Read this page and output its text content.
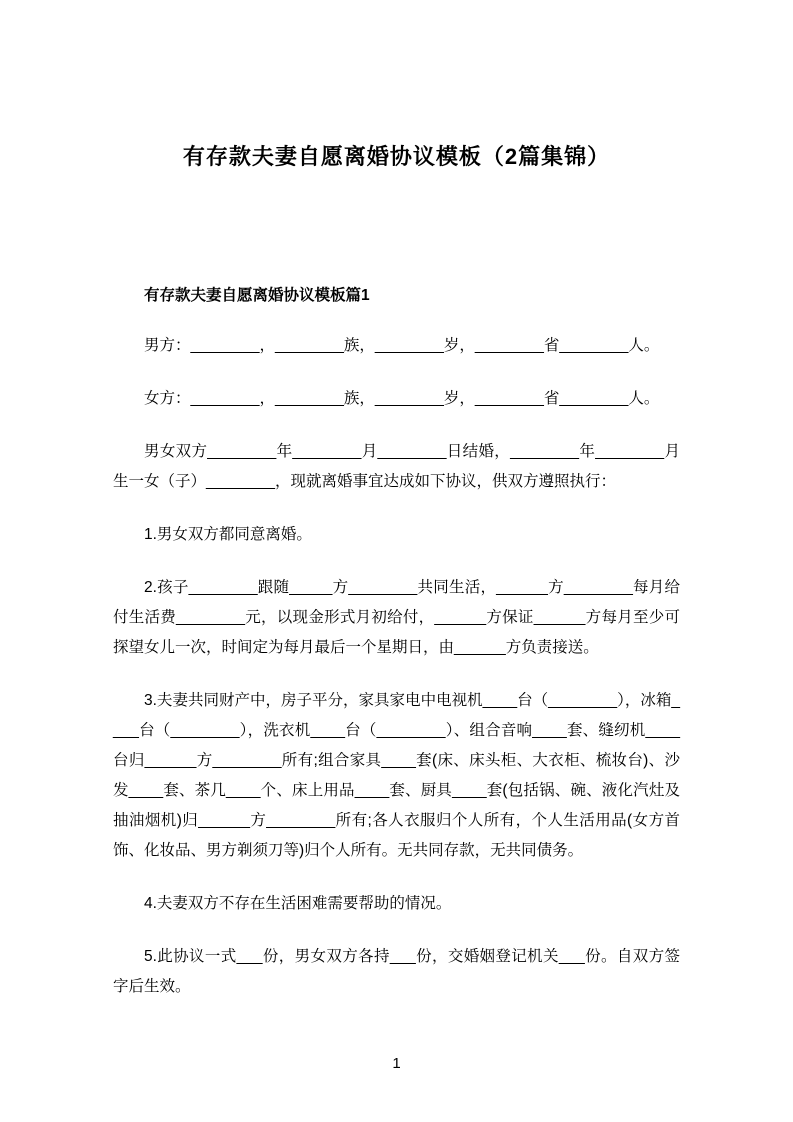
有存款夫妻自愿离婚协议模板（2篇集锦）
有存款夫妻自愿离婚协议模板篇1

男方：________，________族，________岁，________省________人。

女方：________，________族，________岁，________省________人。

男女双方________年________月________日结婚，________年________月生一女（子）________，现就离婚事宜达成如下协议，供双方遵照执行：

1.男女双方都同意离婚。

2.孩子________跟随_____方________共同生活，______方________每月给付生活费________元，以现金形式月初给付，______方保证______方每月至少可探望女儿一次，时间定为每月最后一个星期日，由______方负责接送。

3.夫妻共同财产中，房子平分，家具家电中电视机____台（________），冰箱____台（________），洗衣机____台（________）、组合音响____套、缝纫机____台归______方________所有;组合家具____套(床、床头柜、大衣柜、梳妆台)、沙发____套、茶几____个、床上用品____套、厨具____套(包括锅、碗、液化汽灶及抽油烟机)归______方________所有;各人衣服归个人所有，个人生活用品(女方首饰、化妆品、男方剃须刀等)归个人所有。无共同存款，无共同债务。

4.夫妻双方不存在生活困难需要帮助的情况。

5.此协议一式___份，男女双方各持___份，交婚姻登记机关___份。自双方签字后生效。

1
